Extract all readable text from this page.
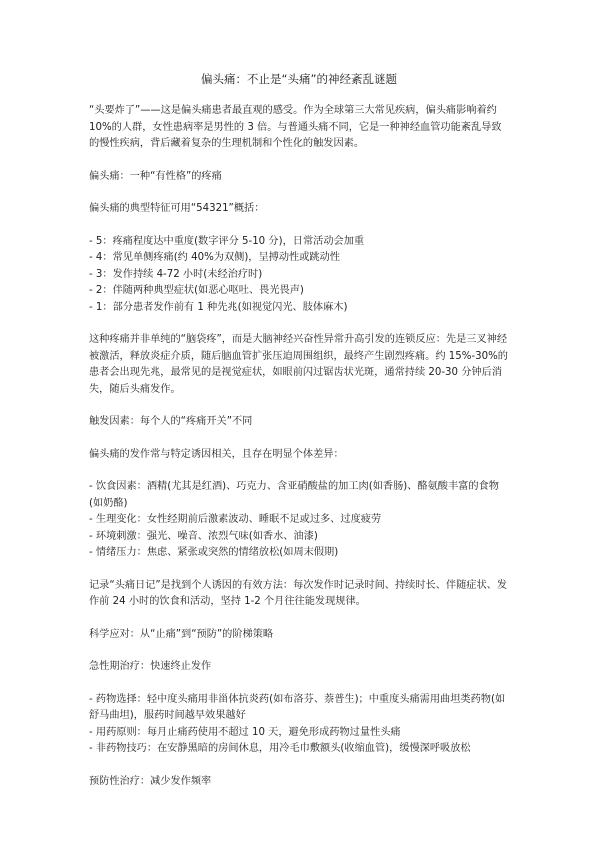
偏头痛：不止是“头痛”的神经紊乱谜题

“头要炸了”——这是偏头痛患者最直观的感受。作为全球第三大常见疾病，偏头痛影响着约 10%的人群，女性患病率是男性的 3 倍。与普通头痛不同，它是一种神经血管功能紊乱导致的慢性疾病，背后藏着复杂的生理机制和个性化的触发因素。

偏头痛：一种“有性格”的疼痛

偏头痛的典型特征可用“54321”概括：

- 5：疼痛程度达中重度(数字评分 5-10 分)，日常活动会加重
- 4：常见单侧疼痛(约 40%为双侧)，呈搏动性或跳动性
- 3：发作持续 4-72 小时(未经治疗时)
- 2：伴随两种典型症状(如恶心呕吐、畏光畏声)
- 1：部分患者发作前有 1 种先兆(如视觉闪光、肢体麻木)

这种疼痛并非单纯的“脑袋疼”，而是大脑神经兴奋性异常升高引发的连锁反应：先是三叉神经被激活，释放炎症介质，随后脑血管扩张压迫周围组织，最终产生剧烈疼痛。约 15%-30%的患者会出现先兆，最常见的是视觉症状，如眼前闪过锯齿状光斑，通常持续 20-30 分钟后消失，随后头痛发作。

触发因素：每个人的“疼痛开关”不同

偏头痛的发作常与特定诱因相关，且存在明显个体差异：

- 饮食因素：酒精(尤其是红酒)、巧克力、含亚硝酸盐的加工肉(如香肠)、酪氨酸丰富的食物(如奶酪)
- 生理变化：女性经期前后激素波动、睡眠不足或过多、过度疲劳
- 环境刺激：强光、噪音、浓烈气味(如香水、油漆)
- 情绪压力：焦虑、紧张或突然的情绪放松(如周末假期)

记录“头痛日记”是找到个人诱因的有效方法：每次发作时记录时间、持续时长、伴随症状、发作前 24 小时的饮食和活动，坚持 1-2 个月往往能发现规律。

科学应对：从“止痛”到“预防”的阶梯策略

急性期治疗：快速终止发作

- 药物选择：轻中度头痛用非甾体抗炎药(如布洛芬、萘普生)；中重度头痛需用曲坦类药物(如舒马曲坦)，服药时间越早效果越好
- 用药原则：每月止痛药使用不超过 10 天，避免形成药物过量性头痛
- 非药物技巧：在安静黑暗的房间休息，用冷毛巾敷额头(收缩血管)，缓慢深呼吸放松

预防性治疗：减少发作频率
